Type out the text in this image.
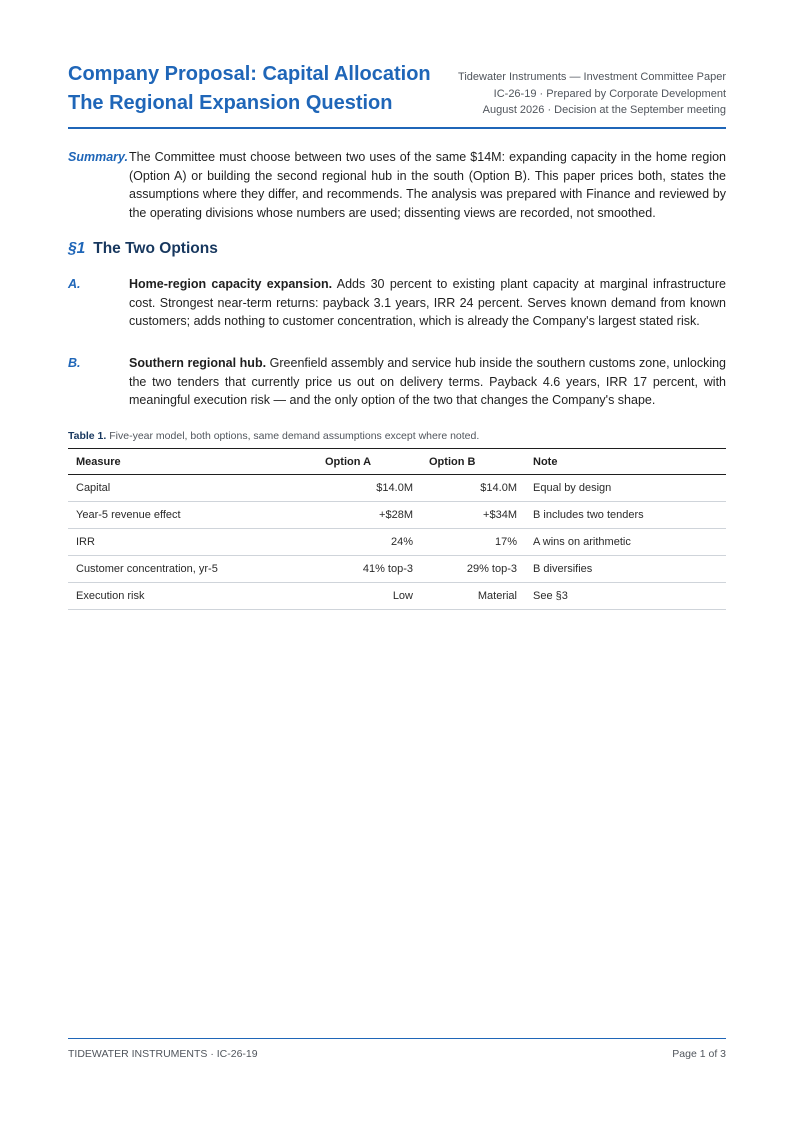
Company Proposal: Capital Allocation
The Regional Expansion Question
Tidewater Instruments — Investment Committee Paper
IC-26-19 · Prepared by Corporate Development
August 2026 · Decision at the September meeting
Summary. The Committee must choose between two uses of the same $14M: expanding capacity in the home region (Option A) or building the second regional hub in the south (Option B). This paper prices both, states the assumptions where they differ, and recommends. The analysis was prepared with Finance and reviewed by the operating divisions whose numbers are used; dissenting views are recorded, not smoothed.
§1 The Two Options
A.	Home-region capacity expansion. Adds 30 percent to existing plant capacity at marginal infrastructure cost. Strongest near-term returns: payback 3.1 years, IRR 24 percent. Serves known demand from known customers; adds nothing to customer concentration, which is already the Company's largest stated risk.
B.	Southern regional hub. Greenfield assembly and service hub inside the southern customs zone, unlocking the two tenders that currently price us out on delivery terms. Payback 4.6 years, IRR 17 percent, with meaningful execution risk — and the only option of the two that changes the Company's shape.
Table 1. Five-year model, both options, same demand assumptions except where noted.
Measure	Option A	Option B	Note
Capital	$14.0M	$14.0M	Equal by design
Year-5 revenue effect	+$28M	+$34M	B includes two tenders
IRR	24%	17%	A wins on arithmetic
Customer concentration, yr-5	41% top-3	29% top-3	B diversifies
Execution risk	Low	Material	See §3
TIDEWATER INSTRUMENTS · IC-26-19	Page 1 of 3
